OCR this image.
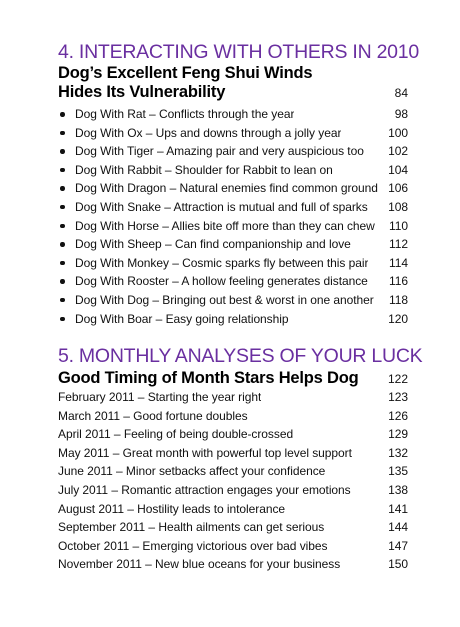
4. INTERACTING WITH OTHERS IN 2010
Dog’s Excellent Feng Shui Winds
Hides Its Vulnerability	84
Dog With Rat – Conflicts through the year	98
Dog With Ox – Ups and downs through a jolly year	100
Dog With Tiger – Amazing pair and very auspicious too	102
Dog With Rabbit – Shoulder for Rabbit to lean on	104
Dog With Dragon – Natural enemies find common ground 106
Dog With Snake – Attraction is mutual and full of sparks	108
Dog With Horse – Allies bite off more than they can chew	110
Dog With Sheep – Can find companionship and love	112
Dog With Monkey – Cosmic sparks fly between this pair	114
Dog With Rooster – A hollow feeling generates distance	116
Dog With Dog – Bringing out best & worst in one another	118
Dog With Boar – Easy going relationship	120
5. MONTHLY ANALYSES OF YOUR LUCK
Good Timing of Month Stars Helps Dog 122
February 2011 – Starting the year right	123
March 2011 – Good fortune doubles	126
April 2011 – Feeling of being double-crossed	129
May 2011 – Great month with powerful top level support	132
June 2011 – Minor setbacks affect your confidence	135
July 2011 – Romantic attraction engages your emotions	138
August 2011 – Hostility leads to intolerance	141
September 2011 – Health ailments can get serious	144
October 2011 – Emerging victorious over bad vibes	147
November 2011 – New blue oceans for your business	150
